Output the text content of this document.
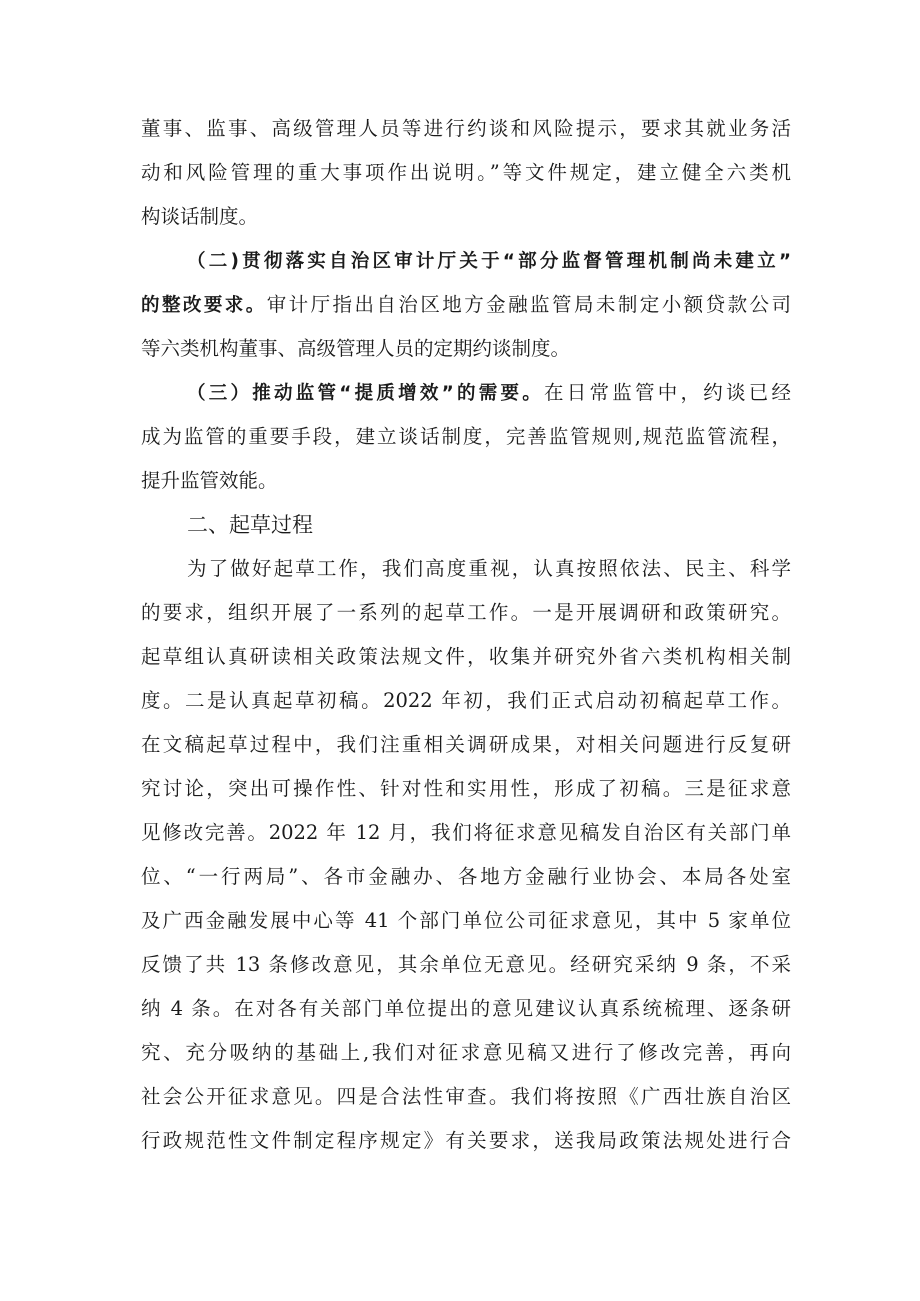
董事、监事、高级管理人员等进行约谈和风险提示，要求其就业务活
动和风险管理的重大事项作出说明。”等文件规定，建立健全六类机
构谈话制度。
（二)贯彻落实自治区审计厅关于“部分监督管理机制尚未建立”
的整改要求。审计厅指出自治区地方金融监管局未制定小额贷款公司
等六类机构董事、高级管理人员的定期约谈制度。
（三）推动监管“提质增效”的需要。在日常监管中，约谈已经
成为监管的重要手段，建立谈话制度，完善监管规则,规范监管流程，
提升监管效能。
二、起草过程
为了做好起草工作，我们高度重视，认真按照依法、民主、科学
的要求，组织开展了一系列的起草工作。一是开展调研和政策研究。
起草组认真研读相关政策法规文件，收集并研究外省六类机构相关制
度。二是认真起草初稿。2022 年初，我们正式启动初稿起草工作。
在文稿起草过程中，我们注重相关调研成果，对相关问题进行反复研
究讨论，突出可操作性、针对性和实用性，形成了初稿。三是征求意
见修改完善。2022 年 12 月，我们将征求意见稿发自治区有关部门单
位、“一行两局”、各市金融办、各地方金融行业协会、本局各处室
及广西金融发展中心等 41 个部门单位公司征求意见，其中 5 家单位
反馈了共 13 条修改意见，其余单位无意见。经研究采纳 9 条，不采
纳 4 条。在对各有关部门单位提出的意见建议认真系统梳理、逐条研
究、充分吸纳的基础上,我们对征求意见稿又进行了修改完善，再向
社会公开征求意见。四是合法性审查。我们将按照《广西壮族自治区
行政规范性文件制定程序规定》有关要求，送我局政策法规处进行合
